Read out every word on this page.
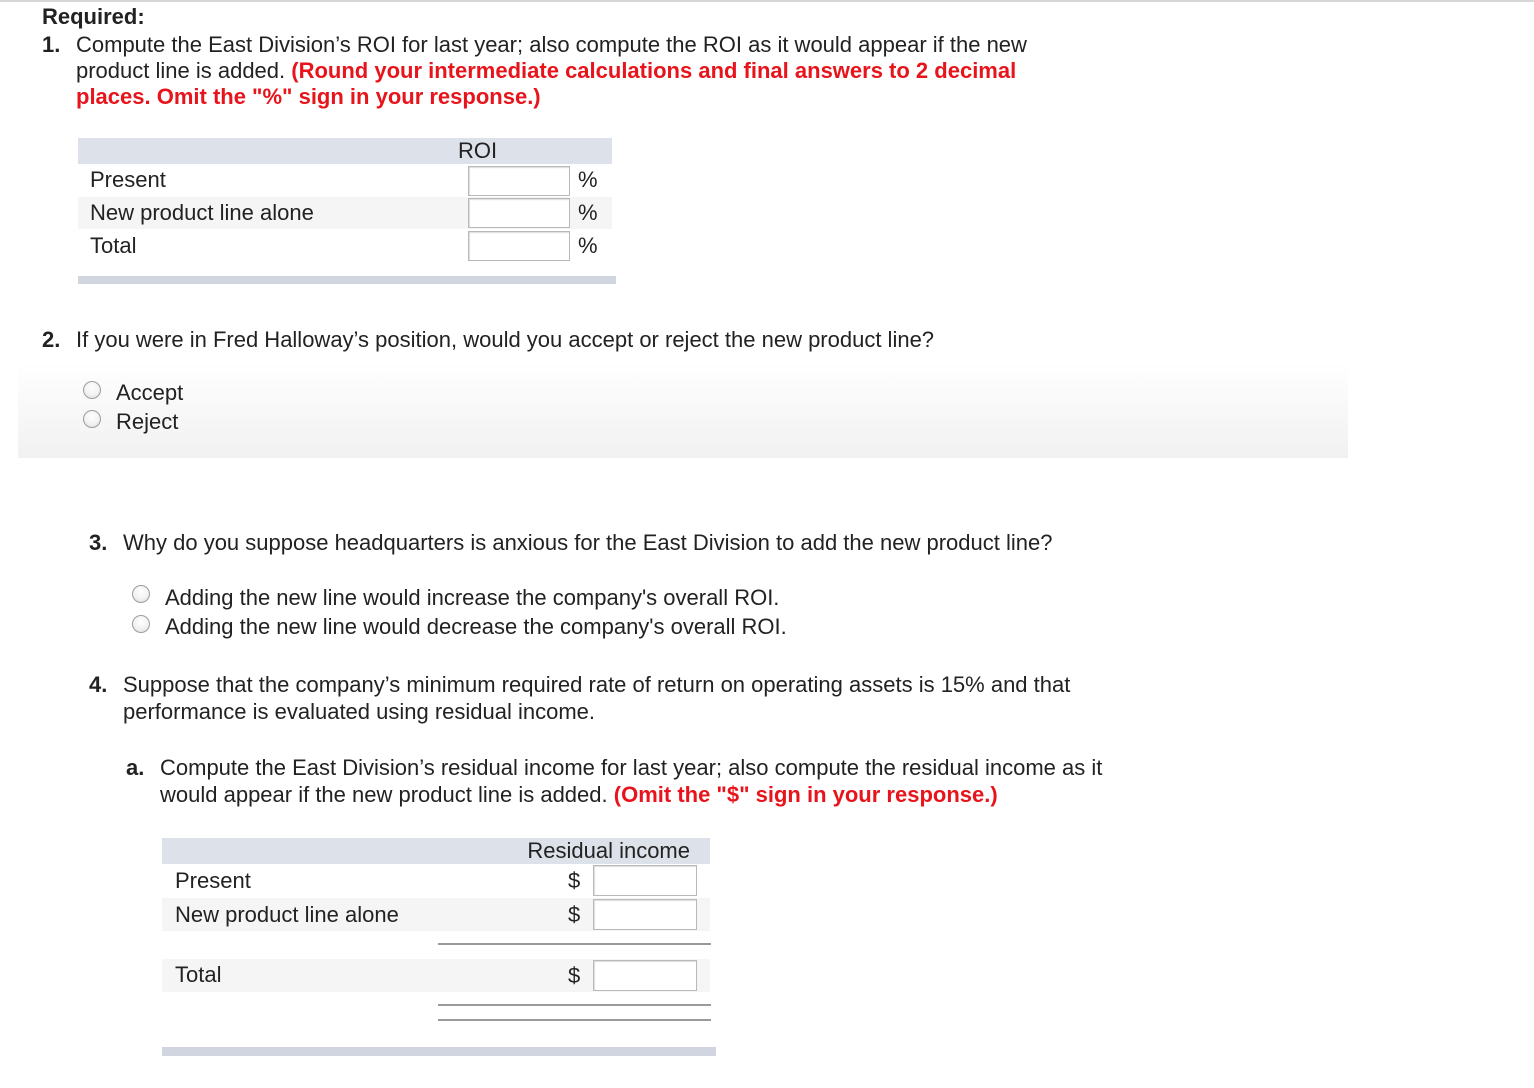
Required:
1. Compute the East Division’s ROI for last year; also compute the ROI as it would appear if the new
product line is added. (Round your intermediate calculations and final answers to 2 decimal
places. Omit the "%" sign in your response.)
ROI
Present	%
New product line alone	%
Total	%
2. If you were in Fred Halloway’s position, would you accept or reject the new product line?
Accept
Reject
3. Why do you suppose headquarters is anxious for the East Division to add the new product line?
Adding the new line would increase the company's overall ROI.
Adding the new line would decrease the company's overall ROI.
4. Suppose that the company’s minimum required rate of return on operating assets is 15% and that
performance is evaluated using residual income.
a. Compute the East Division’s residual income for last year; also compute the residual income as it
would appear if the new product line is added. (Omit the "$" sign in your response.)
Residual income
Present	$
New product line alone	$
Total	$
